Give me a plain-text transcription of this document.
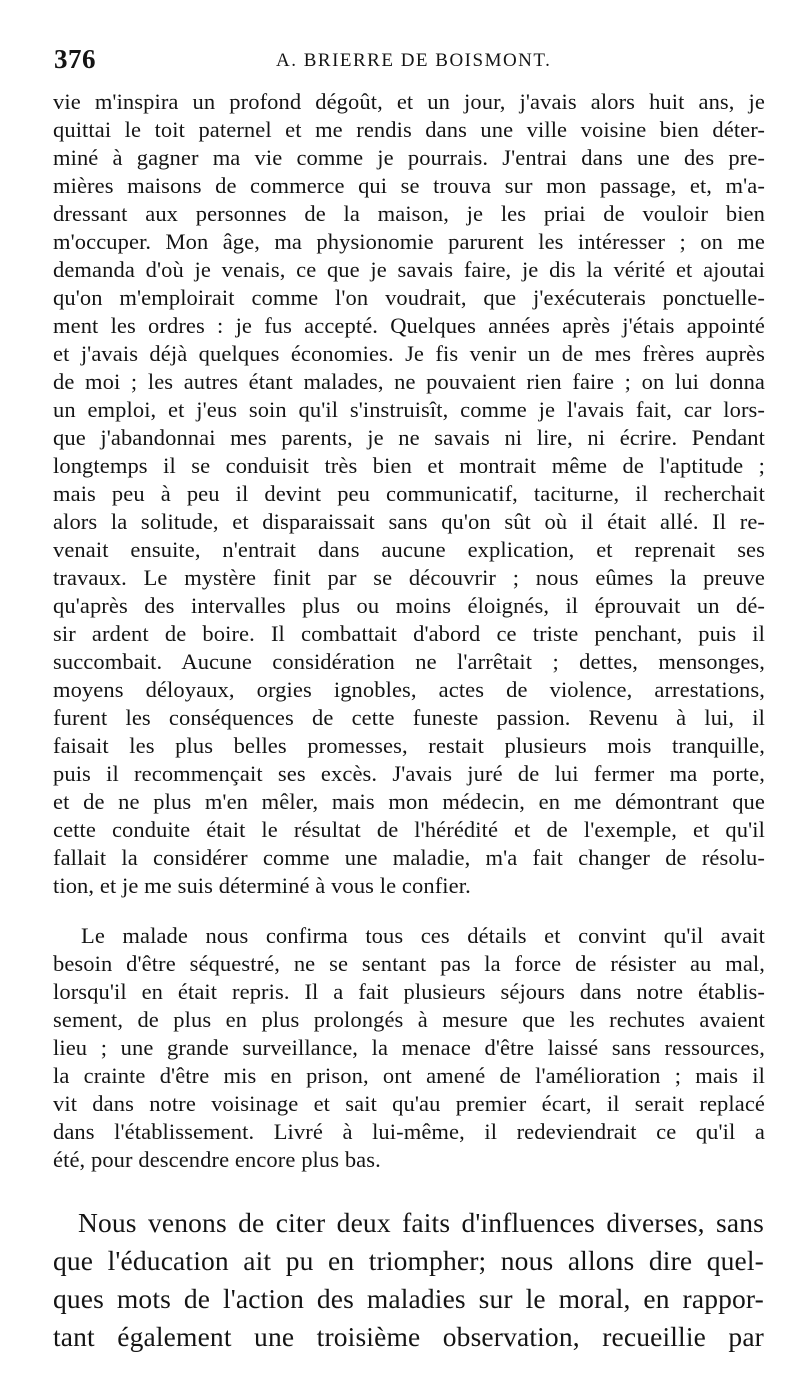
376	A. BRIERRE DE BOISMONT.
vie m'inspira un profond dégoût, et un jour, j'avais alors huit ans, je
quittai le toit paternel et me rendis dans une ville voisine bien déter-
miné à gagner ma vie comme je pourrais. J'entrai dans une des pre-
mières maisons de commerce qui se trouva sur mon passage, et, m'a-
dressant aux personnes de la maison, je les priai de vouloir bien
m'occuper. Mon âge, ma physionomie parurent les intéresser ; on me
demanda d'où je venais, ce que je savais faire, je dis la vérité et ajoutai
qu'on m'emploirait comme l'on voudrait, que j'exécuterais ponctuelle-
ment les ordres : je fus accepté. Quelques années après j'étais appointé
et j'avais déjà quelques économies. Je fis venir un de mes frères auprès
de moi ; les autres étant malades, ne pouvaient rien faire ; on lui donna
un emploi, et j'eus soin qu'il s'instruisît, comme je l'avais fait, car lors-
que j'abandonnai mes parents, je ne savais ni lire, ni écrire. Pendant
longtemps il se conduisit très bien et montrait même de l'aptitude ;
mais peu à peu il devint peu communicatif, taciturne, il recherchait
alors la solitude, et disparaissait sans qu'on sût où il était allé. Il re-
venait ensuite, n'entrait dans aucune explication, et reprenait ses
travaux. Le mystère finit par se découvrir ; nous eûmes la preuve
qu'après des intervalles plus ou moins éloignés, il éprouvait un dé-
sir ardent de boire. Il combattait d'abord ce triste penchant, puis il
succombait. Aucune considération ne l'arrêtait ; dettes, mensonges,
moyens déloyaux, orgies ignobles, actes de violence, arrestations,
furent les conséquences de cette funeste passion. Revenu à lui, il
faisait les plus belles promesses, restait plusieurs mois tranquille,
puis il recommençait ses excès. J'avais juré de lui fermer ma porte,
et de ne plus m'en mêler, mais mon médecin, en me démontrant que
cette conduite était le résultat de l'hérédité et de l'exemple, et qu'il
fallait la considérer comme une maladie, m'a fait changer de résolu-
tion, et je me suis déterminé à vous le confier.
Le malade nous confirma tous ces détails et convint qu'il avait
besoin d'être séquestré, ne se sentant pas la force de résister au mal,
lorsqu'il en était repris. Il a fait plusieurs séjours dans notre établis-
sement, de plus en plus prolongés à mesure que les rechutes avaient
lieu ; une grande surveillance, la menace d'être laissé sans ressources,
la crainte d'être mis en prison, ont amené de l'amélioration ; mais il
vit dans notre voisinage et sait qu'au premier écart, il serait replacé
dans l'établissement. Livré à lui-même, il redeviendrait ce qu'il a
été, pour descendre encore plus bas.
Nous venons de citer deux faits d'influences diverses, sans
que l'éducation ait pu en triompher; nous allons dire quel-
ques mots de l'action des maladies sur le moral, en rappor-
tant également une troisième observation, recueillie par
